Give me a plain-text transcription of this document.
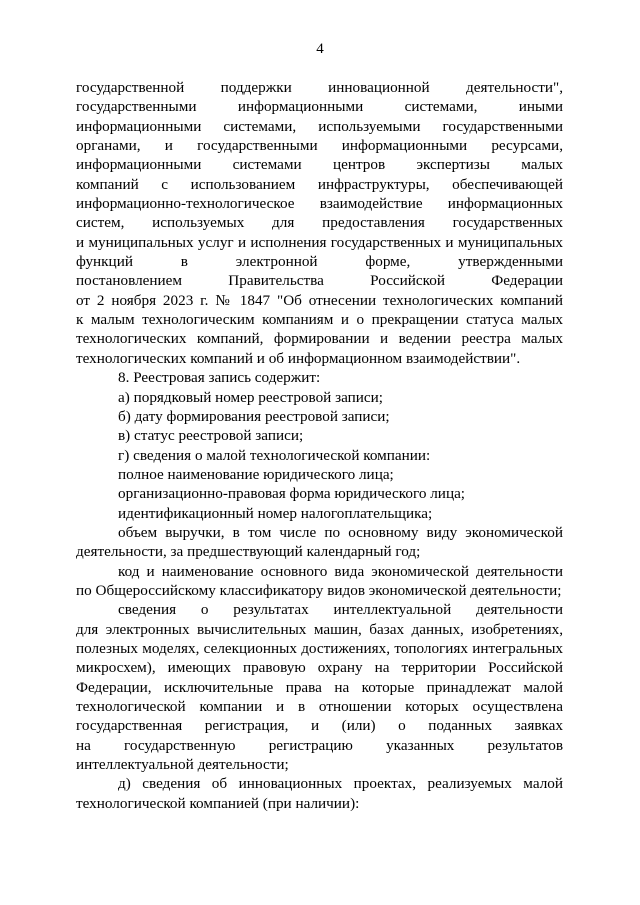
4
государственной поддержки инновационной деятельности",
государственными информационными системами, иными
информационными системами, используемыми государственными
органами, и государственными информационными ресурсами,
информационными системами центров экспертизы малых
компаний с использованием инфраструктуры, обеспечивающей
информационно-технологическое взаимодействие информационных
систем, используемых для предоставления государственных
и муниципальных услуг и исполнения государственных и муниципальных
функций в электронной форме, утвержденными
постановлением Правительства Российской Федерации
от 2 ноября 2023 г. № 1847 "Об отнесении технологических компаний
к малым технологическим компаниям и о прекращении статуса малых
технологических компаний, формировании и ведении реестра малых
технологических компаний и об информационном взаимодействии".
8. Реестровая запись содержит:
а) порядковый номер реестровой записи;
б) дату формирования реестровой записи;
в) статус реестровой записи;
г) сведения о малой технологической компании:
полное наименование юридического лица;
организационно-правовая форма юридического лица;
идентификационный номер налогоплательщика;
объем выручки, в том числе по основному виду экономической
деятельности, за предшествующий календарный год;
код и наименование основного вида экономической деятельности
по Общероссийскому классификатору видов экономической деятельности;
сведения о результатах интеллектуальной деятельности
для электронных вычислительных машин, базах данных, изобретениях,
полезных моделях, селекционных достижениях, топологиях интегральных
микросхем), имеющих правовую охрану на территории Российской
Федерации, исключительные права на которые принадлежат малой
технологической компании и в отношении которых осуществлена
государственная регистрация, и (или) о поданных заявках
на государственную регистрацию указанных результатов
интеллектуальной деятельности;
д) сведения об инновационных проектах, реализуемых малой
технологической компанией (при наличии):
